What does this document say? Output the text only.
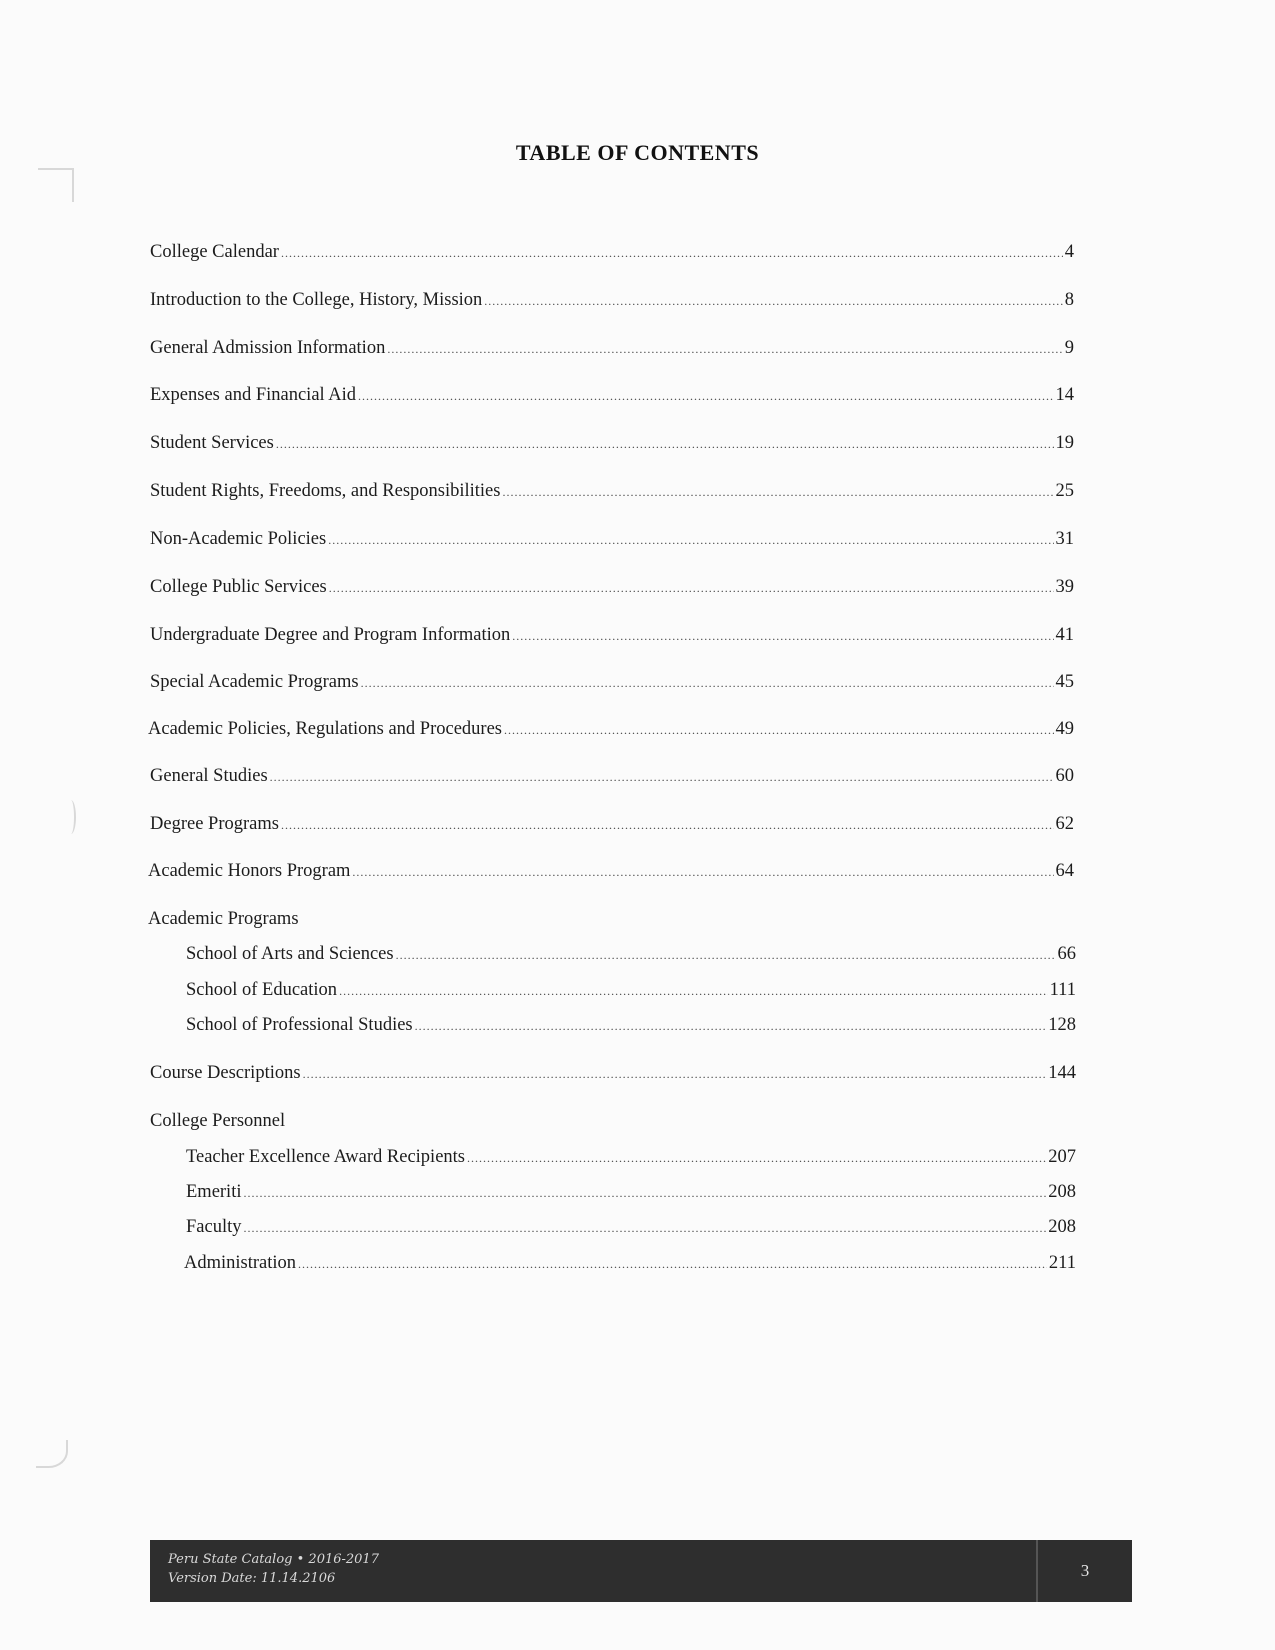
TABLE OF CONTENTS
College Calendar .....	4
Introduction to the College, History, Mission .....	8
General Admission Information .....	9
Expenses and Financial Aid .....	14
Student Services .....	19
Student Rights, Freedoms, and Responsibilities .....	25
Non-Academic Policies .....	31
College Public Services .....	39
Undergraduate Degree and Program Information .....	41
Special Academic Programs .....	45
Academic Policies, Regulations and Procedures .....	49
General Studies .....	60
Degree Programs .....	62
Academic Honors Program .....	64
Academic Programs
School of Arts and Sciences .....	66
School of Education .....	111
School of Professional Studies .....	128
Course Descriptions .....	144
College Personnel
Teacher Excellence Award Recipients .....	207
Emeriti .....	208
Faculty .....	208
Administration .....	211
Peru State Catalog • 2016-2017
Version Date: 11.14.2106	3
